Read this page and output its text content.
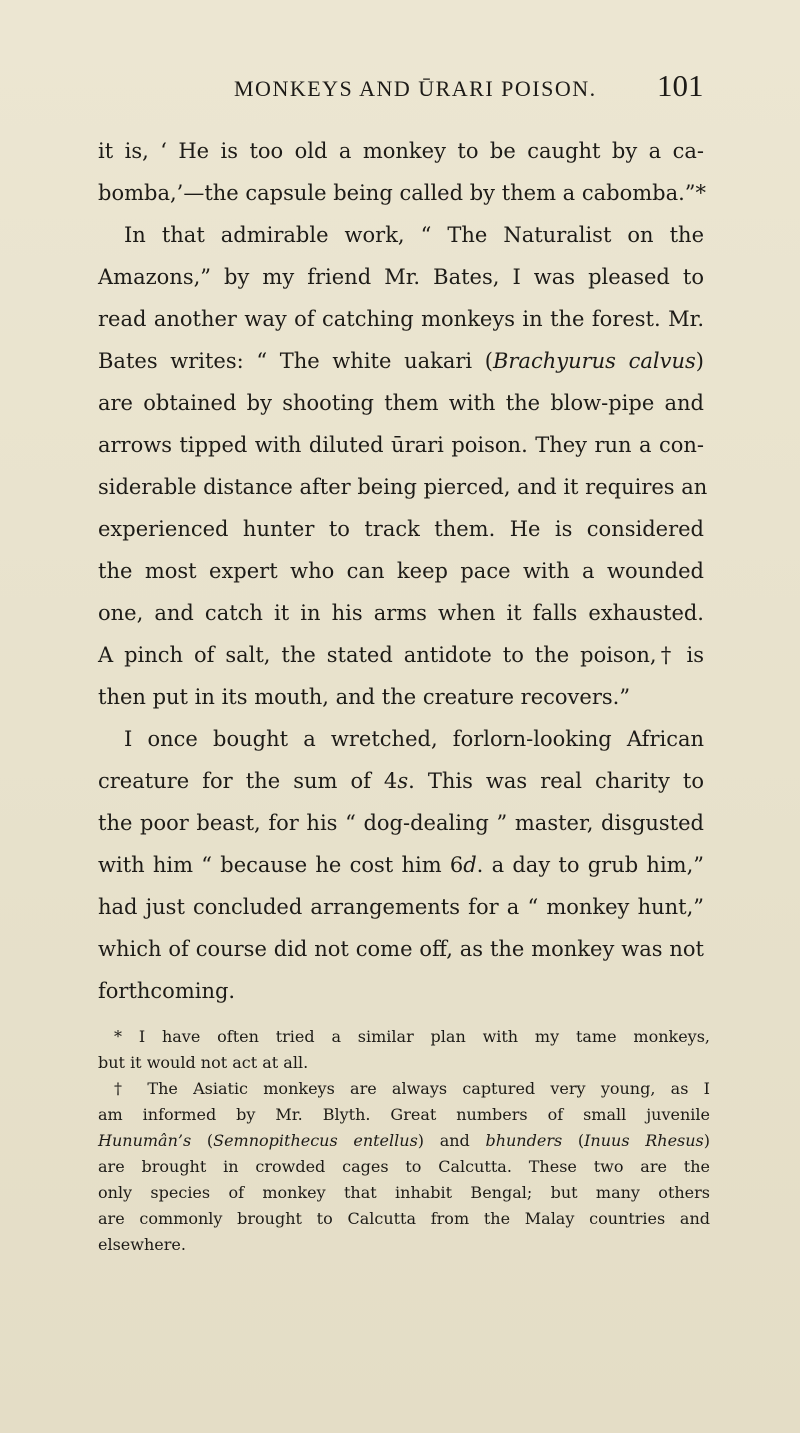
MONKEYS AND ŪRARI POISON. 101
it is, ‘ He is too old a monkey to be caught by a ca-
bomba,’—the capsule being called by them a cabomba.”*
In that admirable work, “ The Naturalist on the
Amazons,” by my friend Mr. Bates, I was pleased to
read another way of catching monkeys in the forest. Mr.
Bates writes: “ The white uakari (Brachyurus calvus)
are obtained by shooting them with the blow-pipe and
arrows tipped with diluted ūrari poison. They run a con-
siderable distance after being pierced, and it requires an
experienced hunter to track them. He is considered
the most expert who can keep pace with a wounded
one, and catch it in his arms when it falls exhausted.
A pinch of salt, the stated antidote to the poison,† is
then put in its mouth, and the creature recovers.”
I once bought a wretched, forlorn-looking African
creature for the sum of 4s. This was real charity to
the poor beast, for his “ dog-dealing ” master, disgusted
with him “ because he cost him 6d. a day to grub him,”
had just concluded arrangements for a “ monkey hunt,”
which of course did not come off, as the monkey was not
forthcoming.
* I have often tried a similar plan with my tame monkeys,
but it would not act at all.
† The Asiatic monkeys are always captured very young, as I
am informed by Mr. Blyth. Great numbers of small juvenile
Hunumân’s (Semnopithecus entellus) and bhunders (Inuus Rhesus)
are brought in crowded cages to Calcutta. These two are the
only species of monkey that inhabit Bengal; but many others
are commonly brought to Calcutta from the Malay countries and
elsewhere.
